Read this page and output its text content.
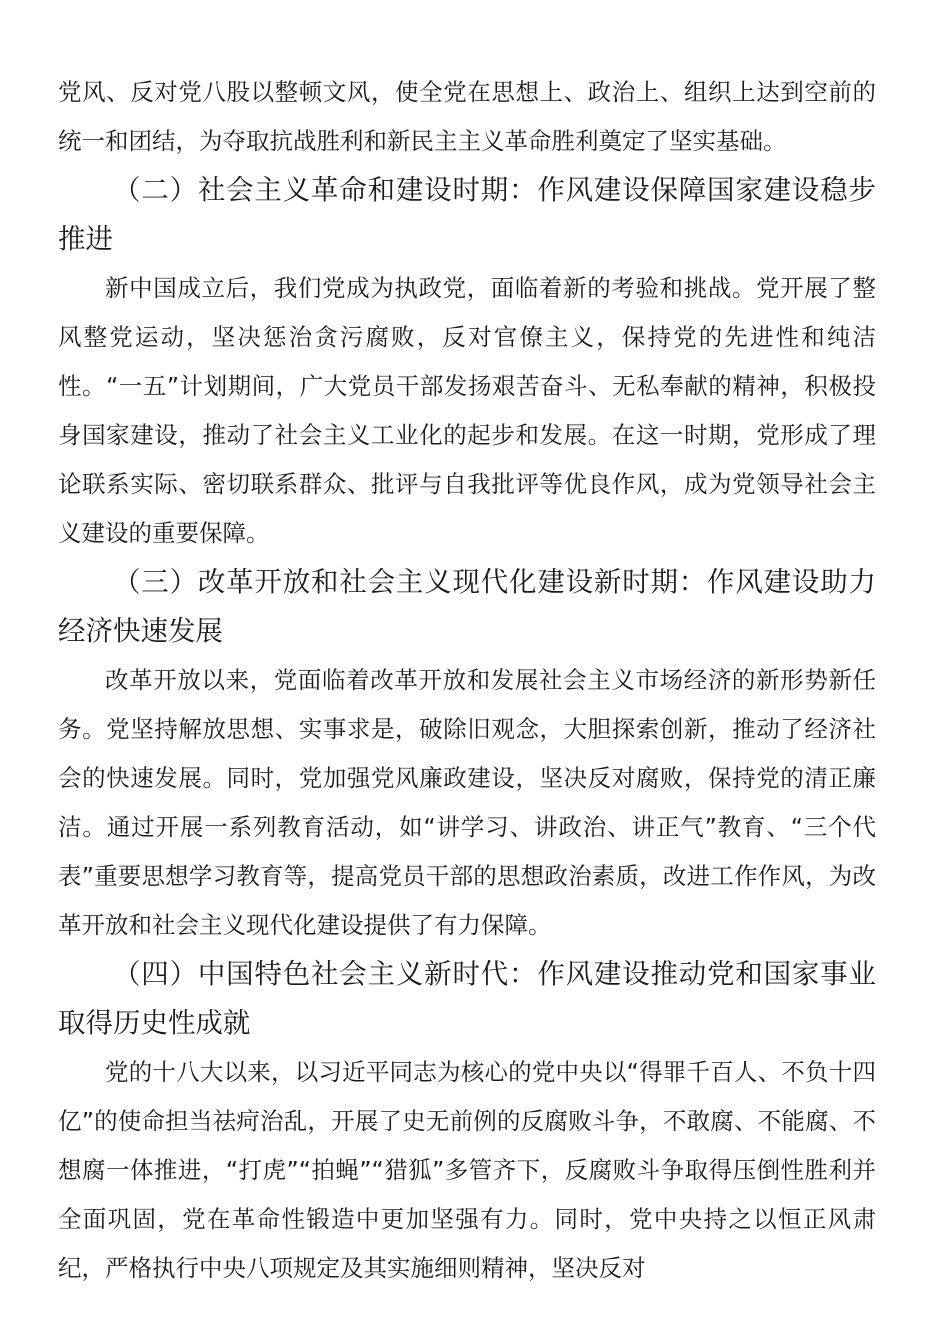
党风、反对党八股以整顿文风，使全党在思想上、政治上、组织上达到空前的统一和团结，为夺取抗战胜利和新民主主义革命胜利奠定了坚实基础。

（二）社会主义革命和建设时期：作风建设保障国家建设稳步推进

新中国成立后，我们党成为执政党，面临着新的考验和挑战。党开展了整风整党运动，坚决惩治贪污腐败，反对官僚主义，保持党的先进性和纯洁性。“一五”计划期间，广大党员干部发扬艰苦奋斗、无私奉献的精神，积极投身国家建设，推动了社会主义工业化的起步和发展。在这一时期，党形成了理论联系实际、密切联系群众、批评与自我批评等优良作风，成为党领导社会主义建设的重要保障。

（三）改革开放和社会主义现代化建设新时期：作风建设助力经济快速发展

改革开放以来，党面临着改革开放和发展社会主义市场经济的新形势新任务。党坚持解放思想、实事求是，破除旧观念，大胆探索创新，推动了经济社会的快速发展。同时，党加强党风廉政建设，坚决反对腐败，保持党的清正廉洁。通过开展一系列教育活动，如“讲学习、讲政治、讲正气”教育、“三个代表”重要思想学习教育等，提高党员干部的思想政治素质，改进工作作风，为改革开放和社会主义现代化建设提供了有力保障。

（四）中国特色社会主义新时代：作风建设推动党和国家事业取得历史性成就

党的十八大以来，以习近平同志为核心的党中央以“得罪千百人、不负十四亿”的使命担当祛疴治乱，开展了史无前例的反腐败斗争，不敢腐、不能腐、不想腐一体推进，“打虎”“拍蝇”“猎狐”多管齐下，反腐败斗争取得压倒性胜利并全面巩固，党在革命性锻造中更加坚强有力。同时，党中央持之以恒正风肃纪，严格执行中央八项规定及其实施细则精神，坚决反对
